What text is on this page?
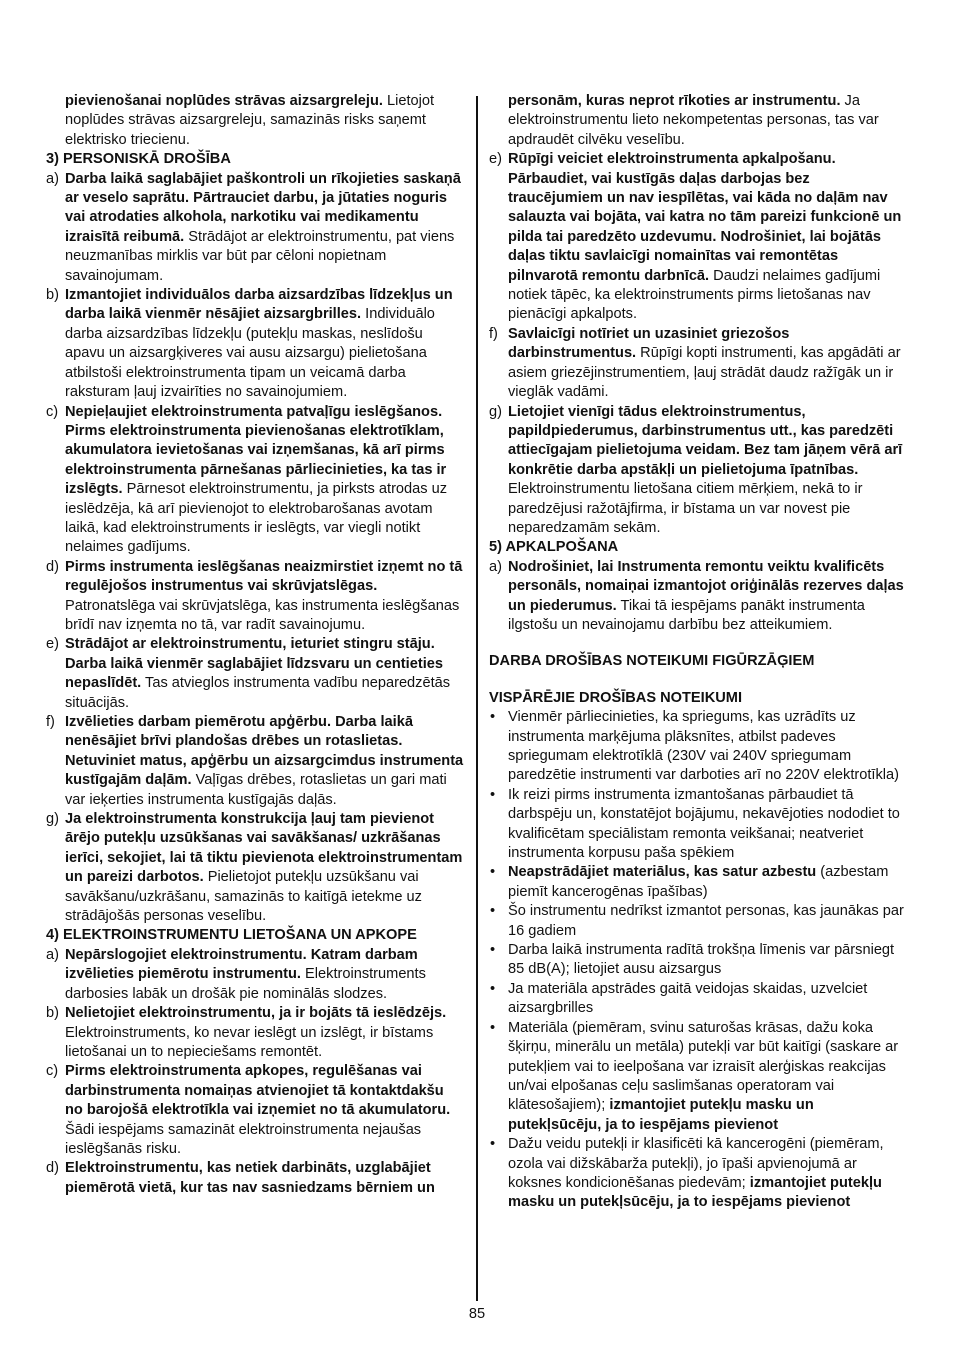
pievienošanai noplūdes strāvas aizsargreleju. Lietojot noplūdes strāvas aizsargreleju, samazinās risks saņemt elektrisko triecienu.
3) PERSONISKĀ DROŠĪBA
a) Darba laikā saglabājiet paškontroli un rīkojieties saskaņā ar veselo saprātu. Pārtrauciet darbu, ja jūtaties noguris vai atrodaties alkohola, narkotiku vai medikamentu izraisītā reibumā. Strādājot ar elektroinstrumentu, pat viens neuzmanības mirklis var būt par cēloni nopietnam savainojumam.
b) Izmantojiet individuālos darba aizsardzības līdzekļus un darba laikā vienmēr nēsājiet aizsargbrilles. Individuālo darba aizsardzības līdzekļu (putekļu maskas, neslīdošu apavu un aizsargķiveres vai ausu aizsargu) pielietošana atbilstoši elektroinstrumenta tipam un veicamā darba raksturam ļauj izvairīties no savainojumiem.
c) Nepieļaujiet elektroinstrumenta patvaļīgu ieslēgšanos. Pirms elektroinstrumenta pievienošanas elektrotīklam, akumulatora ievietošanas vai izņemšanas, kā arī pirms elektroinstrumenta pārnešanas pārliecinieties, ka tas ir izslēgts. Pārnesot elektroinstrumentu, ja pirksts atrodas uz ieslēdzēja, kā arī pievienojot to elektrobarošanas avotam laikā, kad elektroinstruments ir ieslēgts, var viegli notikt nelaimes gadījums.
d) Pirms instrumenta ieslēgšanas neaizmirstiet izņemt no tā regulējošos instrumentus vai skrūvjatslēgas. Patronatslēga vai skrūvjatslēga, kas instrumenta ieslēgšanas brīdī nav izņemta no tā, var radīt savainojumu.
e) Strādājot ar elektroinstrumentu, ieturiet stingru stāju. Darba laikā vienmēr saglabājiet līdzsvaru un centieties nepaslīdēt. Tas atvieglos instrumenta vadību neparedzētās situācijās.
f) Izvēlieties darbam piemērotu apģērbu. Darba laikā nenēsājiet brīvi plandošas drēbes un rotaslietas. Netuviniet matus, apģērbu un aizsargcimdus instrumenta kustīgajām daļām. Vaļīgas drēbes, rotaslietas un gari mati var ieķerties instrumenta kustīgajās daļās.
g) Ja elektroinstrumenta konstrukcija ļauj tam pievienot ārējo putekļu uzsūkšanas vai savākšanas/ uzkrāšanas ierīci, sekojiet, lai tā tiktu pievienota elektroinstrumentam un pareizi darbotos. Pielietojot putekļu uzsūkšanu vai savākšanu/uzkrāšanu, samazinās to kaitīgā ietekme uz strādājošās personas veselību.
4) ELEKTROINSTRUMENTU LIETOŠANA UN APKOPE
a) Nepārslogojiet elektroinstrumentu. Katram darbam izvēlieties piemērotu instrumentu. Elektroinstruments darbosies labāk un drošāk pie nominālās slodzes.
b) Nelietojiet elektroinstrumentu, ja ir bojāts tā ieslēdzējs. Elektroinstruments, ko nevar ieslēgt un izslēgt, ir bīstams lietošanai un to nepieciešams remontēt.
c) Pirms elektroinstrumenta apkopes, regulēšanas vai darbinstrumenta nomaiņas atvienojiet tā kontaktdakšu no barojošā elektrotīkla vai izņemiet no tā akumulatoru. Šādi iespējams samazināt elektroinstrumenta nejaušas ieslēgšanās risku.
d) Elektroinstrumentu, kas netiek darbināts, uzglabājiet piemērotā vietā, kur tas nav sasniedzams bērniem un
personām, kuras neprot rīkoties ar instrumentu. Ja elektroinstrumentu lieto nekompetentas personas, tas var apdraudēt cilvēku veselību.
e) Rūpīgi veiciet elektroinstrumenta apkalpošanu. Pārbaudiet, vai kustīgās daļas darbojas bez traucējumiem un nav iespīlētas, vai kāda no daļām nav salauzta vai bojāta, vai katra no tām pareizi funkcionē un pilda tai paredzēto uzdevumu. Nodrošiniet, lai bojātās daļas tiktu savlaicīgi nomainītas vai remontētas pilnvarotā remontu darbnīcā. Daudzi nelaimes gadījumi notiek tāpēc, ka elektroinstruments pirms lietošanas nav pienācīgi apkalpots.
f) Savlaicīgi notīriet un uzasiniet griezošos darbinstrumentus. Rūpīgi kopti instrumenti, kas apgādāti ar asiem griezējinstrumentiem, ļauj strādāt daudz ražīgāk un ir vieglāk vadāmi.
g) Lietojiet vienīgi tādus elektroinstrumentus, papildpiederumus, darbinstrumentus utt., kas paredzēti attiecīgajam pielietojuma veidam. Bez tam jāņem vērā arī konkrētie darba apstākļi un pielietojuma īpatnības. Elektroinstrumentu lietošana citiem mērķiem, nekā to ir paredzējusi ražotājfirma, ir bīstama un var novest pie neparedzamām sekām.
5) APKALPOŠANA
a) Nodrošiniet, lai Instrumenta remontu veiktu kvalificēts personāls, nomaiņai izmantojot oriģinālās rezerves daļas un piederumus. Tikai tā iespējams panākt instrumenta ilgstošu un nevainojamu darbību bez atteikumiem.
DARBA DROŠĪBAS NOTEIKUMI FIGŪRZĀĢIEM
VISPĀRĒJIE DROŠĪBAS NOTEIKUMI
• Vienmēr pārliecinieties, ka spriegums, kas uzrādīts uz instrumenta marķējuma plāksnītes, atbilst padeves spriegumam elektrotīklā (230V vai 240V spriegumam paredzētie instrumenti var darboties arī no 220V elektrotīkla)
• Ik reizi pirms instrumenta izmantošanas pārbaudiet tā darbspēju un, konstatējot bojājumu, nekavējoties nododiet to kvalificētam speciālistam remonta veikšanai; neatveriet instrumenta korpusu paša spēkiem
• Neapstrādājiet materiālus, kas satur azbestu (azbestam piemīt kancerogēnas īpašības)
• Šo instrumentu nedrīkst izmantot personas, kas jaunākas par 16 gadiem
• Darba laikā instrumenta radītā trokšņa līmenis var pārsniegt 85 dB(A); lietojiet ausu aizsargus
• Ja materiāla apstrādes gaitā veidojas skaidas, uzvelciet aizsargbrilles
• Materiāla (piemēram, svinu saturošas krāsas, dažu koka šķirņu, minerālu un metāla) putekļi var būt kaitīgi (saskare ar putekļiem vai to ieelpošana var izraisīt alerģiskas reakcijas un/vai elpošanas ceļu saslimšanas operatoram vai klātesošajiem); izmantojiet putekļu masku un putekļsūcēju, ja to iespējams pievienot
• Dažu veidu putekļi ir klasificēti kā kancerogēni (piemēram, ozola vai dižskābarža putekļi), jo īpaši apvienojumā ar koksnes kondicionēšanas piedevām; izmantojiet putekļu masku un putekļsūcēju, ja to iespējams pievienot
85
